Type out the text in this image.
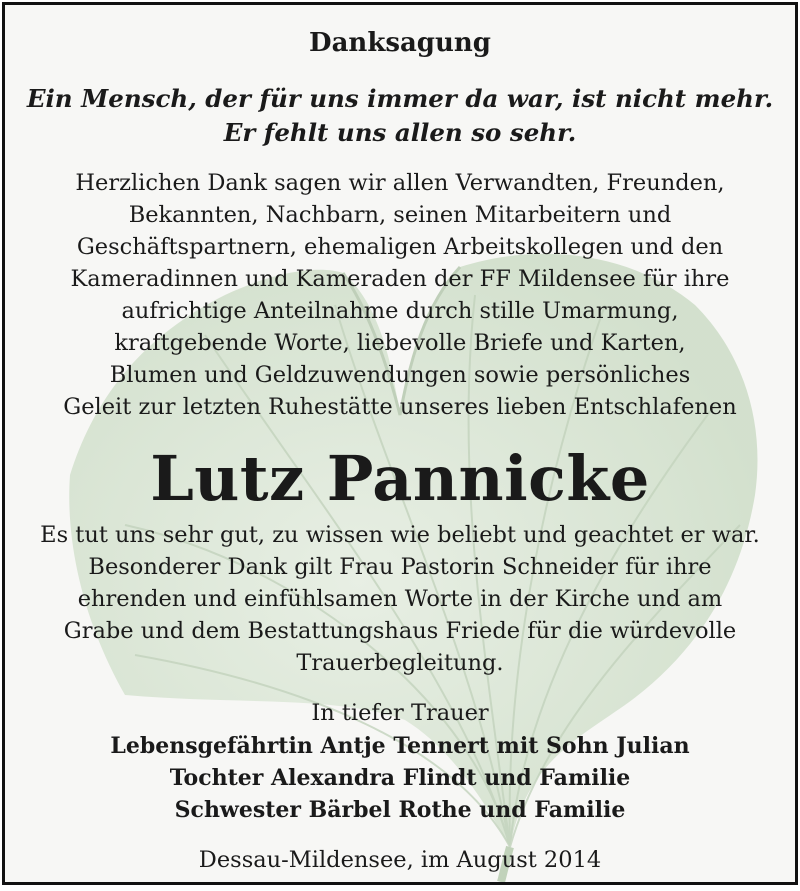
Danksagung
Ein Mensch, der für uns immer da war, ist nicht mehr.
Er fehlt uns allen so sehr.
Herzlichen Dank sagen wir allen Verwandten, Freunden,
Bekannten, Nachbarn, seinen Mitarbeitern und
Geschäftspartnern, ehemaligen Arbeitskollegen und den
Kameradinnen und Kameraden der FF Mildensee für ihre
aufrichtige Anteilnahme durch stille Umarmung,
kraftgebende Worte, liebevolle Briefe und Karten,
Blumen und Geldzuwendungen sowie persönliches
Geleit zur letzten Ruhestätte unseres lieben Entschlafenen
Lutz Pannicke
Es tut uns sehr gut, zu wissen wie beliebt und geachtet er war.
Besonderer Dank gilt Frau Pastorin Schneider für ihre
ehrenden und einfühlsamen Worte in der Kirche und am
Grabe und dem Bestattungshaus Friede für die würdevolle
Trauerbegleitung.
In tiefer Trauer
Lebensgefährtin Antje Tennert mit Sohn Julian
Tochter Alexandra Flindt und Familie
Schwester Bärbel Rothe und Familie
Dessau-Mildensee, im August 2014
